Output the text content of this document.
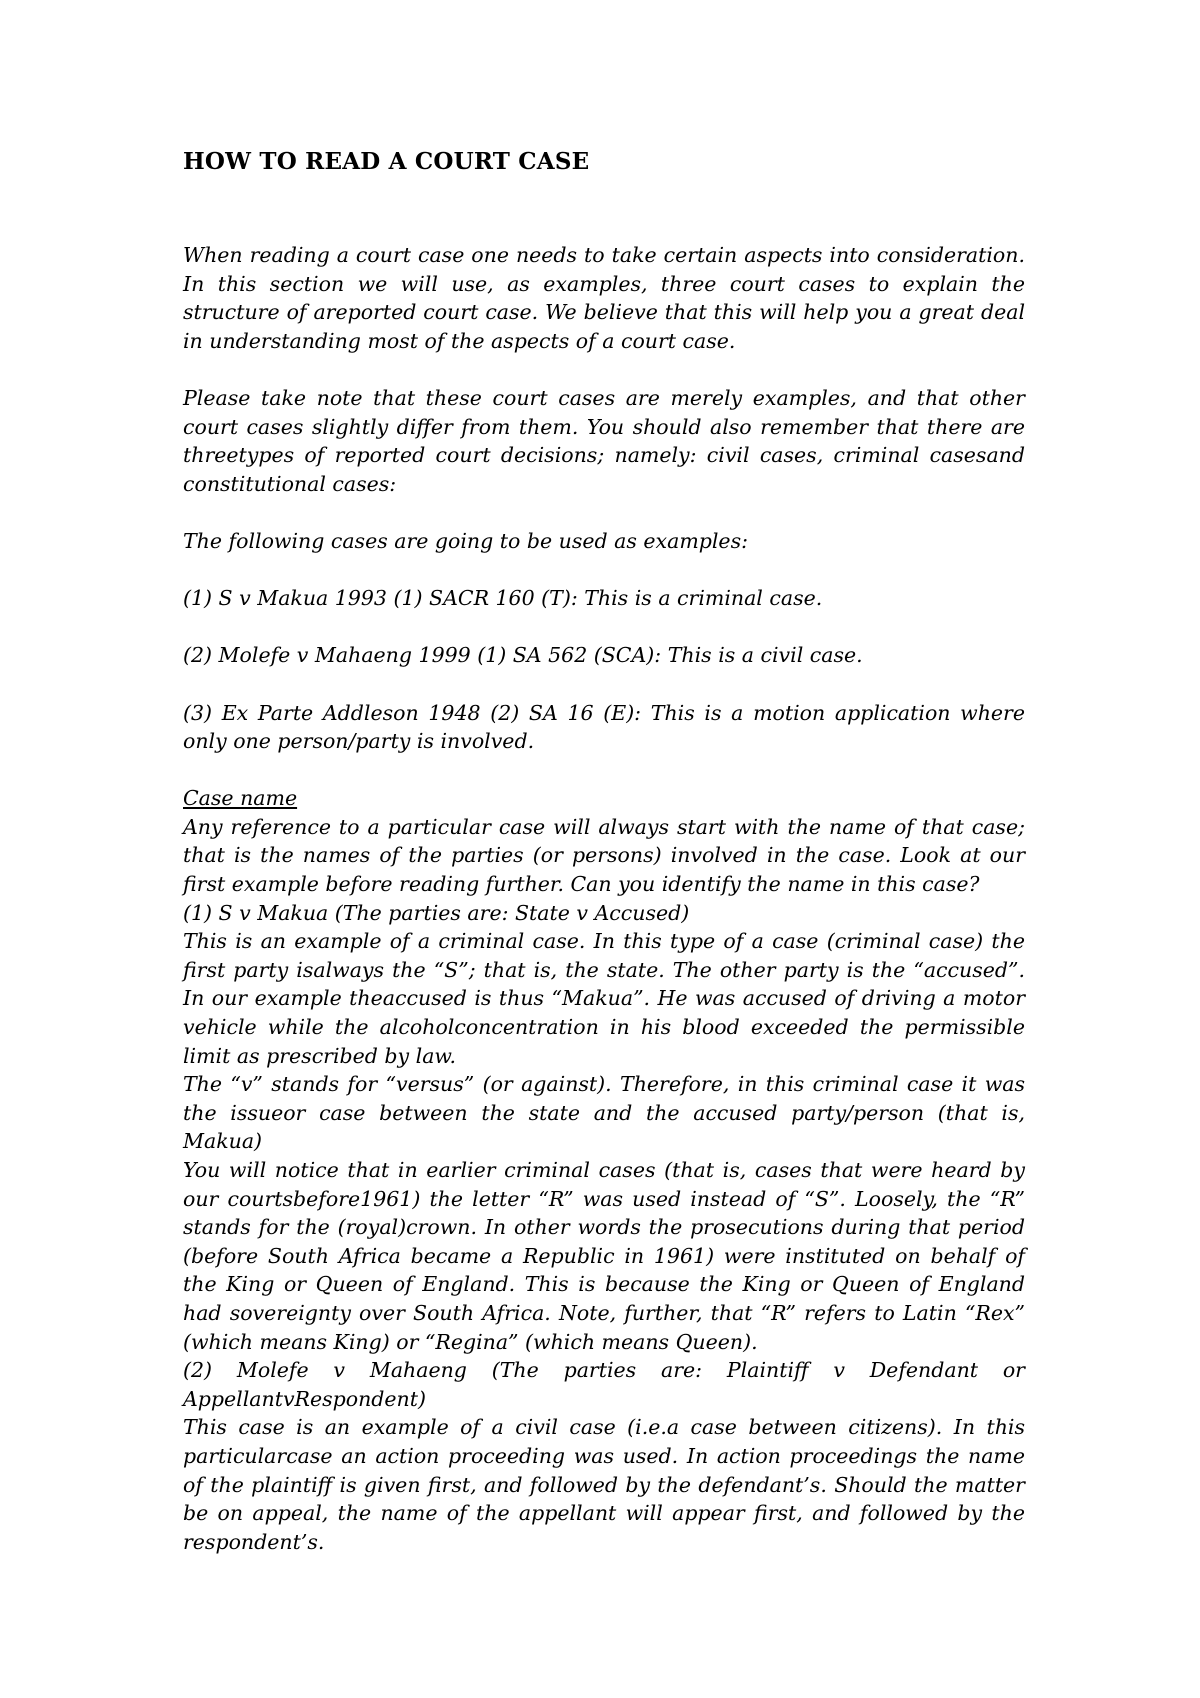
HOW TO READ A COURT CASE

When reading a court case one needs to take certain aspects into consideration. In this section we will use, as examples, three court cases to explain the structure of areported court case. We believe that this will help you a great deal in understanding most of the aspects of a court case.

Please take note that these court cases are merely examples, and that other court cases slightly differ from them. You should also remember that there are threetypes of reported court decisions; namely: civil cases, criminal casesand constitutional cases:

The following cases are going to be used as examples:

(1) S v Makua 1993 (1) SACR 160 (T): This is a criminal case.

(2) Molefe v Mahaeng 1999 (1) SA 562 (SCA): This is a civil case.

(3) Ex Parte Addleson 1948 (2) SA 16 (E): This is a motion application where only one person/party is involved.

Case name

Any reference to a particular case will always start with the name of that case; that is the names of the parties (or persons) involved in the case. Look at our first example before reading further. Can you identify the name in this case?

(1) S v Makua (The parties are: State v Accused)

This is an example of a criminal case. In this type of a case (criminal case) the first party isalways the “S”; that is, the state. The other party is the “accused”. In our example theaccused is thus “Makua”. He was accused of driving a motor vehicle while the alcoholconcentration in his blood exceeded the permissible limit as prescribed by law.

The “v” stands for “versus” (or against). Therefore, in this criminal case it was the issueor case between the state and the accused party/person (that is, Makua)

You will notice that in earlier criminal cases (that is, cases that were heard by our courtsbefore1961) the letter “R” was used instead of “S”. Loosely, the “R” stands for the (royal)crown. In other words the prosecutions during that period (before South Africa became a Republic in 1961) were instituted on behalf of the King or Queen of England. This is because the King or Queen of England had sovereignty over South Africa. Note, further, that “R” refers to Latin “Rex” (which means King) or “Regina” (which means Queen).

(2) Molefe v Mahaeng (The parties are: Plaintiff v Defendant or AppellantvRespondent)

This case is an example of a civil case (i.e.a case between citizens). In this particularcase an action proceeding was used. In action proceedings the name of the plaintiff is given first, and followed by the defendant’s. Should the matter be on appeal, the name of the appellant will appear first, and followed by the respondent’s.
